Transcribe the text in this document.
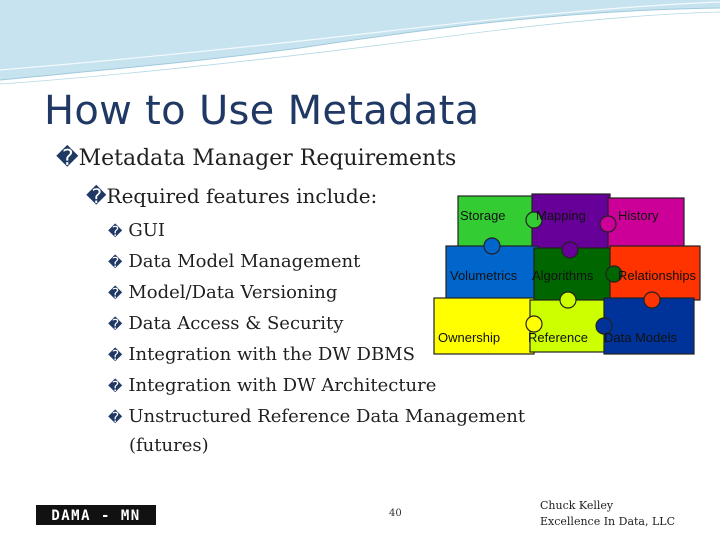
How to Use Metadata
�Metadata Manager Requirements
�Required features include:
� GUI
� Data Model Management
� Model/Data Versioning
� Data Access & Security
� Integration with the DW DBMS
� Integration with DW Architecture
� Unstructured Reference Data Management
(futures)
Storage Mapping History
Volumetrics Algorithms Relationships
Ownership Reference Data Models
DAMA - MN	40
Chuck Kelley
Excellence In Data, LLC
